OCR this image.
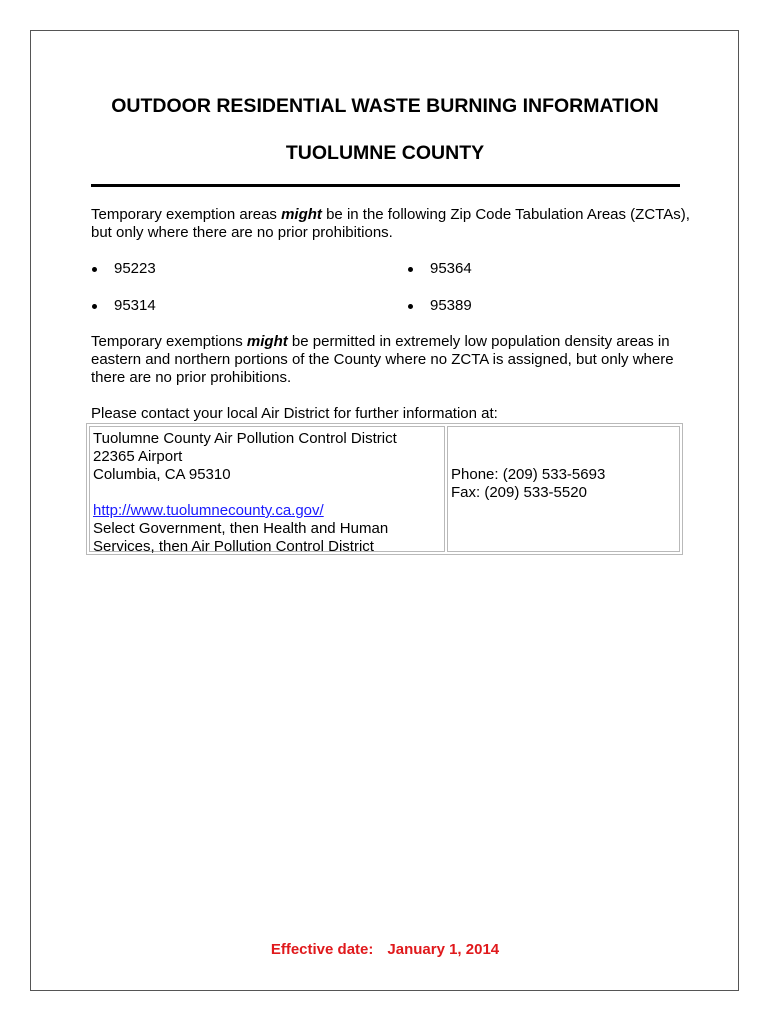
OUTDOOR RESIDENTIAL WASTE BURNING INFORMATION
TUOLUMNE COUNTY

Temporary exemption areas might be in the following Zip Code Tabulation Areas (ZCTAs), but only where there are no prior prohibitions.

95223	95364
95314	95389

Temporary exemptions might be permitted in extremely low population density areas in eastern and northern portions of the County where no ZCTA is assigned, but only where there are no prior prohibitions.

Please contact your local Air District for further information at:

Tuolumne County Air Pollution Control District
22365 Airport
Columbia, CA 95310
http://www.tuolumnecounty.ca.gov/
Select Government, then Health and Human
Services, then Air Pollution Control District
Phone: (209) 533-5693
Fax: (209) 533-5520
Effective date: January 1, 2014
